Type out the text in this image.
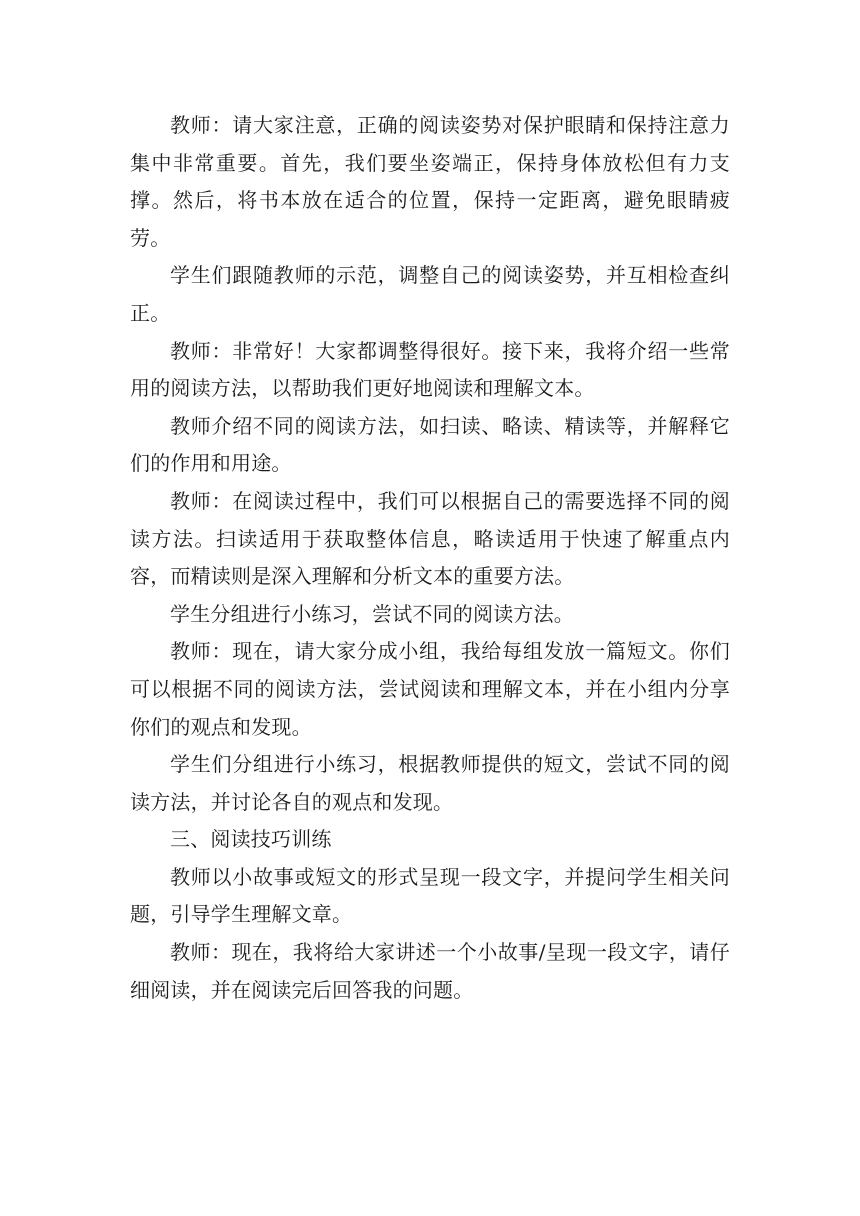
教师：请大家注意，正确的阅读姿势对保护眼睛和保持注意力集中非常重要。首先，我们要坐姿端正，保持身体放松但有力支撑。然后，将书本放在适合的位置，保持一定距离，避免眼睛疲劳。

学生们跟随教师的示范，调整自己的阅读姿势，并互相检查纠正。

教师：非常好！大家都调整得很好。接下来，我将介绍一些常用的阅读方法，以帮助我们更好地阅读和理解文本。

教师介绍不同的阅读方法，如扫读、略读、精读等，并解释它们的作用和用途。

教师：在阅读过程中，我们可以根据自己的需要选择不同的阅读方法。扫读适用于获取整体信息，略读适用于快速了解重点内容，而精读则是深入理解和分析文本的重要方法。

学生分组进行小练习，尝试不同的阅读方法。

教师：现在，请大家分成小组，我给每组发放一篇短文。你们可以根据不同的阅读方法，尝试阅读和理解文本，并在小组内分享你们的观点和发现。

学生们分组进行小练习，根据教师提供的短文，尝试不同的阅读方法，并讨论各自的观点和发现。

三、阅读技巧训练

教师以小故事或短文的形式呈现一段文字，并提问学生相关问题，引导学生理解文章。

教师：现在，我将给大家讲述一个小故事/呈现一段文字，请仔细阅读，并在阅读完后回答我的问题。
